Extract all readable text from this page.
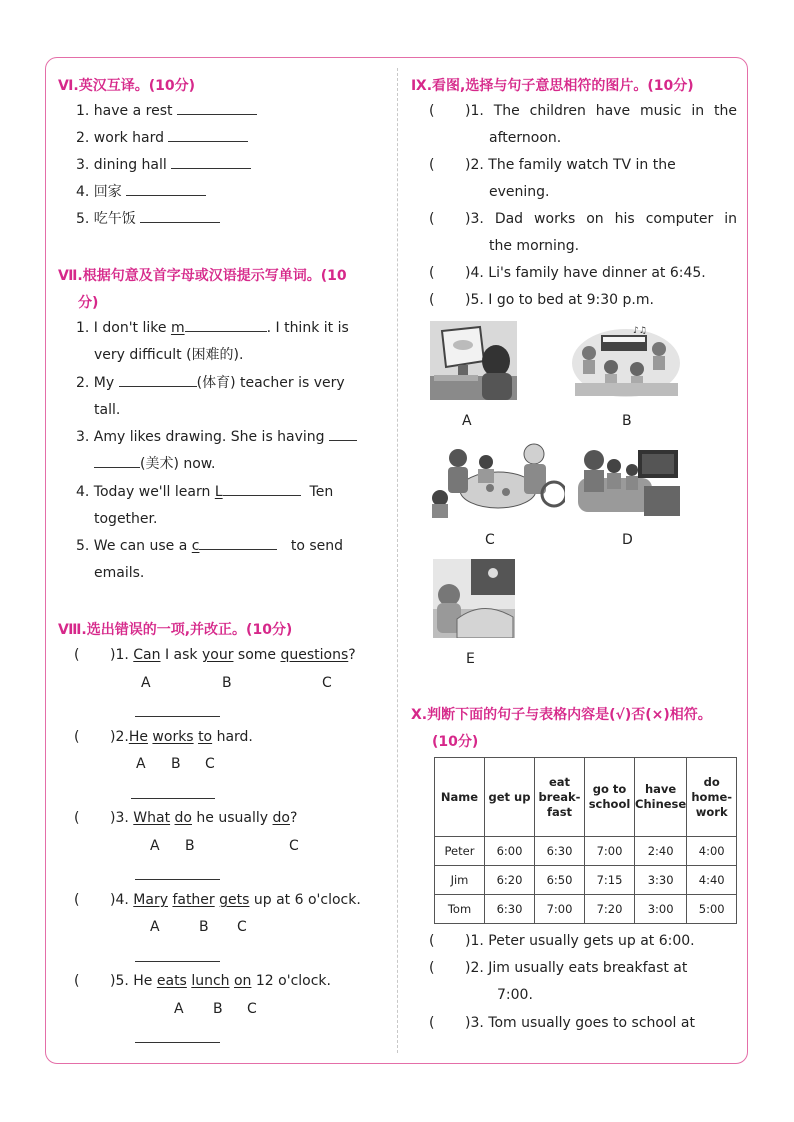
Ⅵ.英汉互译。(10分)
1. have a rest
2. work hard
3. dining hall
4. 回家
5. 吃午饭
Ⅶ.根据句意及首字母或汉语提示写单词。(10
分)
1. I don't like m	. I think it is
very difficult (困难的).
2. My	(体育) teacher is very
tall.
3. Amy likes drawing. She is having
(美术) now.
4. Today we'll learn L	Ten
together.
5. We can use a c	to send
emails.
Ⅷ.选出错误的一项,并改正。(10分)
( )1. Can I ask your some questions?
A	B	C
( )2.He works to hard.
A B C
( )3. What do he usually do?
A B	C
( )4. Mary father gets up at 6 o'clock.
A	B C
( )5. He eats lunch on 12 o'clock.
A B C
Ⅸ.看图,选择与句子意思相符的图片。(10分)
( )1. The children have music in the
afternoon.
( )2. The family watch TV in the
evening.
( )3. Dad works on his computer in
the morning.
( )4. Li's family have dinner at 6:45.
( )5. I go to bed at 9:30 p.m.
A
♪♫
B
C	D
E
Ⅹ.判断下面的句子与表格内容是(√)否(×)相符。
(10分)
Name	get up	eat
break-
fast	go to
school	have
Chinese	do
home-
work
Peter	6:00	6:30	7:00	2:40	4:00
Jim	6:20	6:50	7:15	3:30	4:40
Tom	6:30	7:00	7:20	3:00	5:00
( )1. Peter usually gets up at 6:00.
( )2. Jim usually eats breakfast at
7:00.
( )3. Tom usually goes to school at
